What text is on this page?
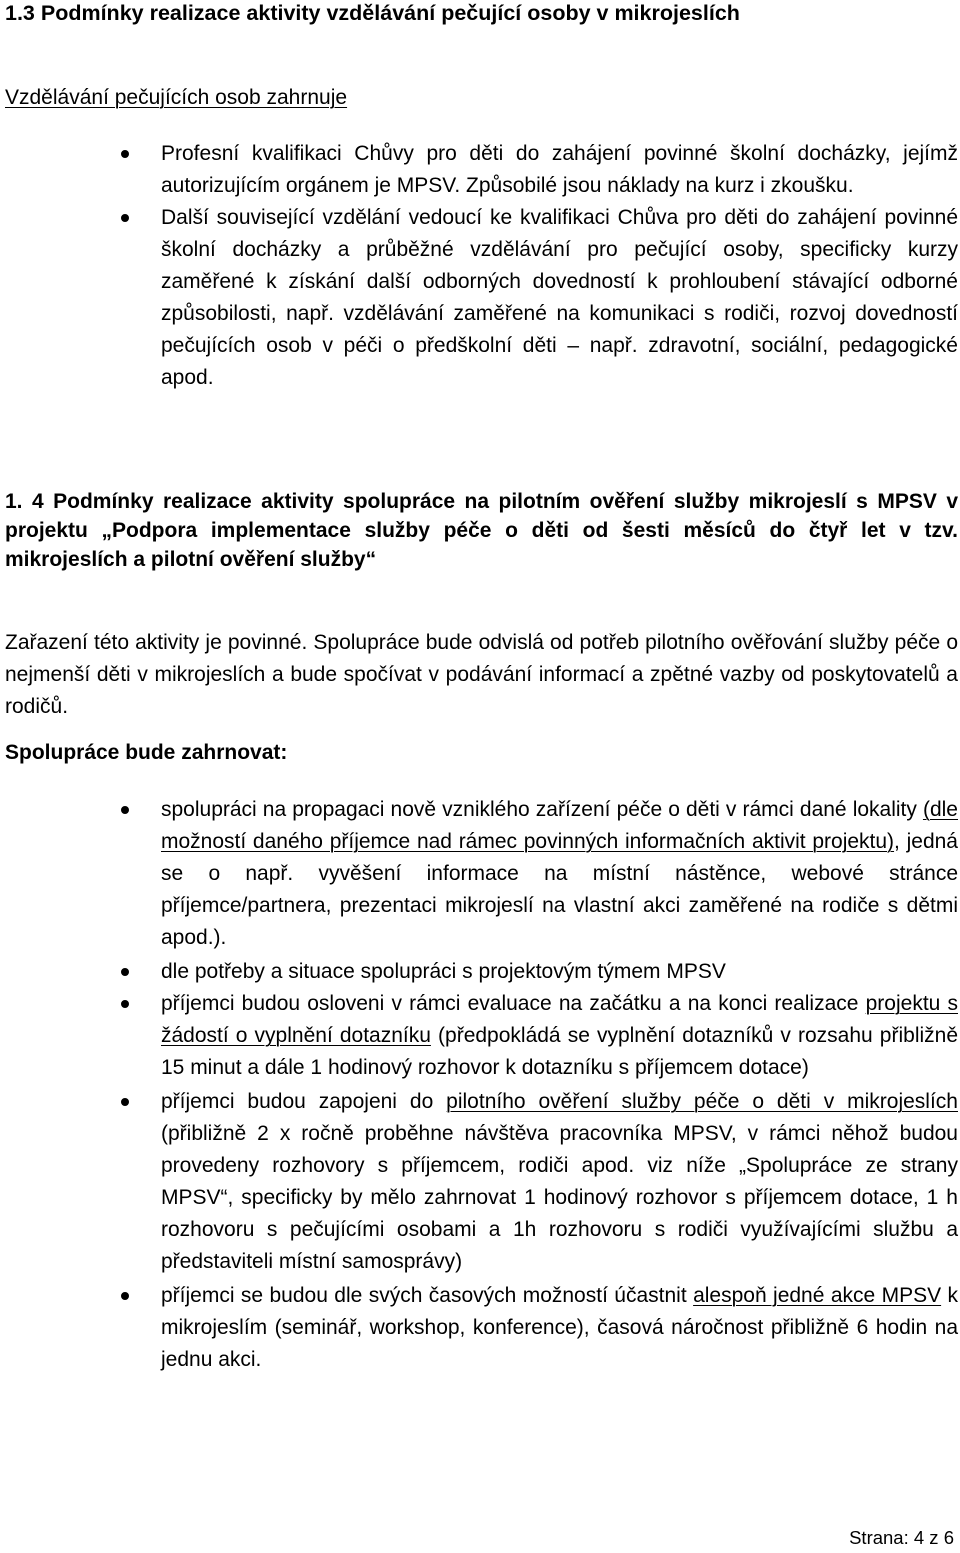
1.3 Podmínky realizace aktivity vzdělávání pečující osoby v mikrojeslích

Vzdělávání pečujících osob zahrnuje

Profesní kvalifikaci Chůvy pro děti do zahájení povinné školní docházky, jejímž autorizujícím orgánem je MPSV. Způsobilé jsou náklady na kurz i zkoušku.
Další související vzdělání vedoucí ke kvalifikaci Chůva pro děti do zahájení povinné školní docházky a průběžné vzdělávání pro pečující osoby, specificky kurzy zaměřené k získání další odborných dovedností k prohloubení stávající odborné způsobilosti, např. vzdělávání zaměřené na komunikaci s rodiči, rozvoj dovedností pečujících osob v péči o předškolní děti – např. zdravotní, sociální, pedagogické apod.

1. 4 Podmínky realizace aktivity spolupráce na pilotním ověření služby mikrojeslí s MPSV v projektu „Podpora implementace služby péče o děti od šesti měsíců do čtyř let v tzv. mikrojeslích a pilotní ověření služby“

Zařazení této aktivity je povinné. Spolupráce bude odvislá od potřeb pilotního ověřování služby péče o nejmenší děti v mikrojeslích a bude spočívat v podávání informací a zpětné vazby od poskytovatelů a rodičů.

Spolupráce bude zahrnovat:

spolupráci na propagaci nově vzniklého zařízení péče o děti v rámci dané lokality (dle možností daného příjemce nad rámec povinných informačních aktivit projektu), jedná se o např. vyvěšení informace na místní nástěnce, webové stránce příjemce/partnera, prezentaci mikrojeslí na vlastní akci zaměřené na rodiče s dětmi apod.).
dle potřeby a situace spolupráci s projektovým týmem MPSV
příjemci budou osloveni v rámci evaluace na začátku a na konci realizace projektu s žádostí o vyplnění dotazníku (předpokládá se vyplnění dotazníků v rozsahu přibližně 15 minut a dále 1 hodinový rozhovor k dotazníku s příjemcem dotace)
příjemci budou zapojeni do pilotního ověření služby péče o děti v mikrojeslích (přibližně 2 x ročně proběhne návštěva pracovníka MPSV, v rámci něhož budou provedeny rozhovory s příjemcem, rodiči apod. viz níže „Spolupráce ze strany MPSV“, specificky by mělo zahrnovat 1 hodinový rozhovor s příjemcem dotace, 1 h rozhovoru s pečujícími osobami a 1h rozhovoru s rodiči využívajícími službu a představiteli místní samosprávy)
příjemci se budou dle svých časových možností účastnit alespoň jedné akce MPSV k mikrojeslím (seminář, workshop, konference), časová náročnost přibližně 6 hodin na jednu akci.
Strana: 4 z 6
